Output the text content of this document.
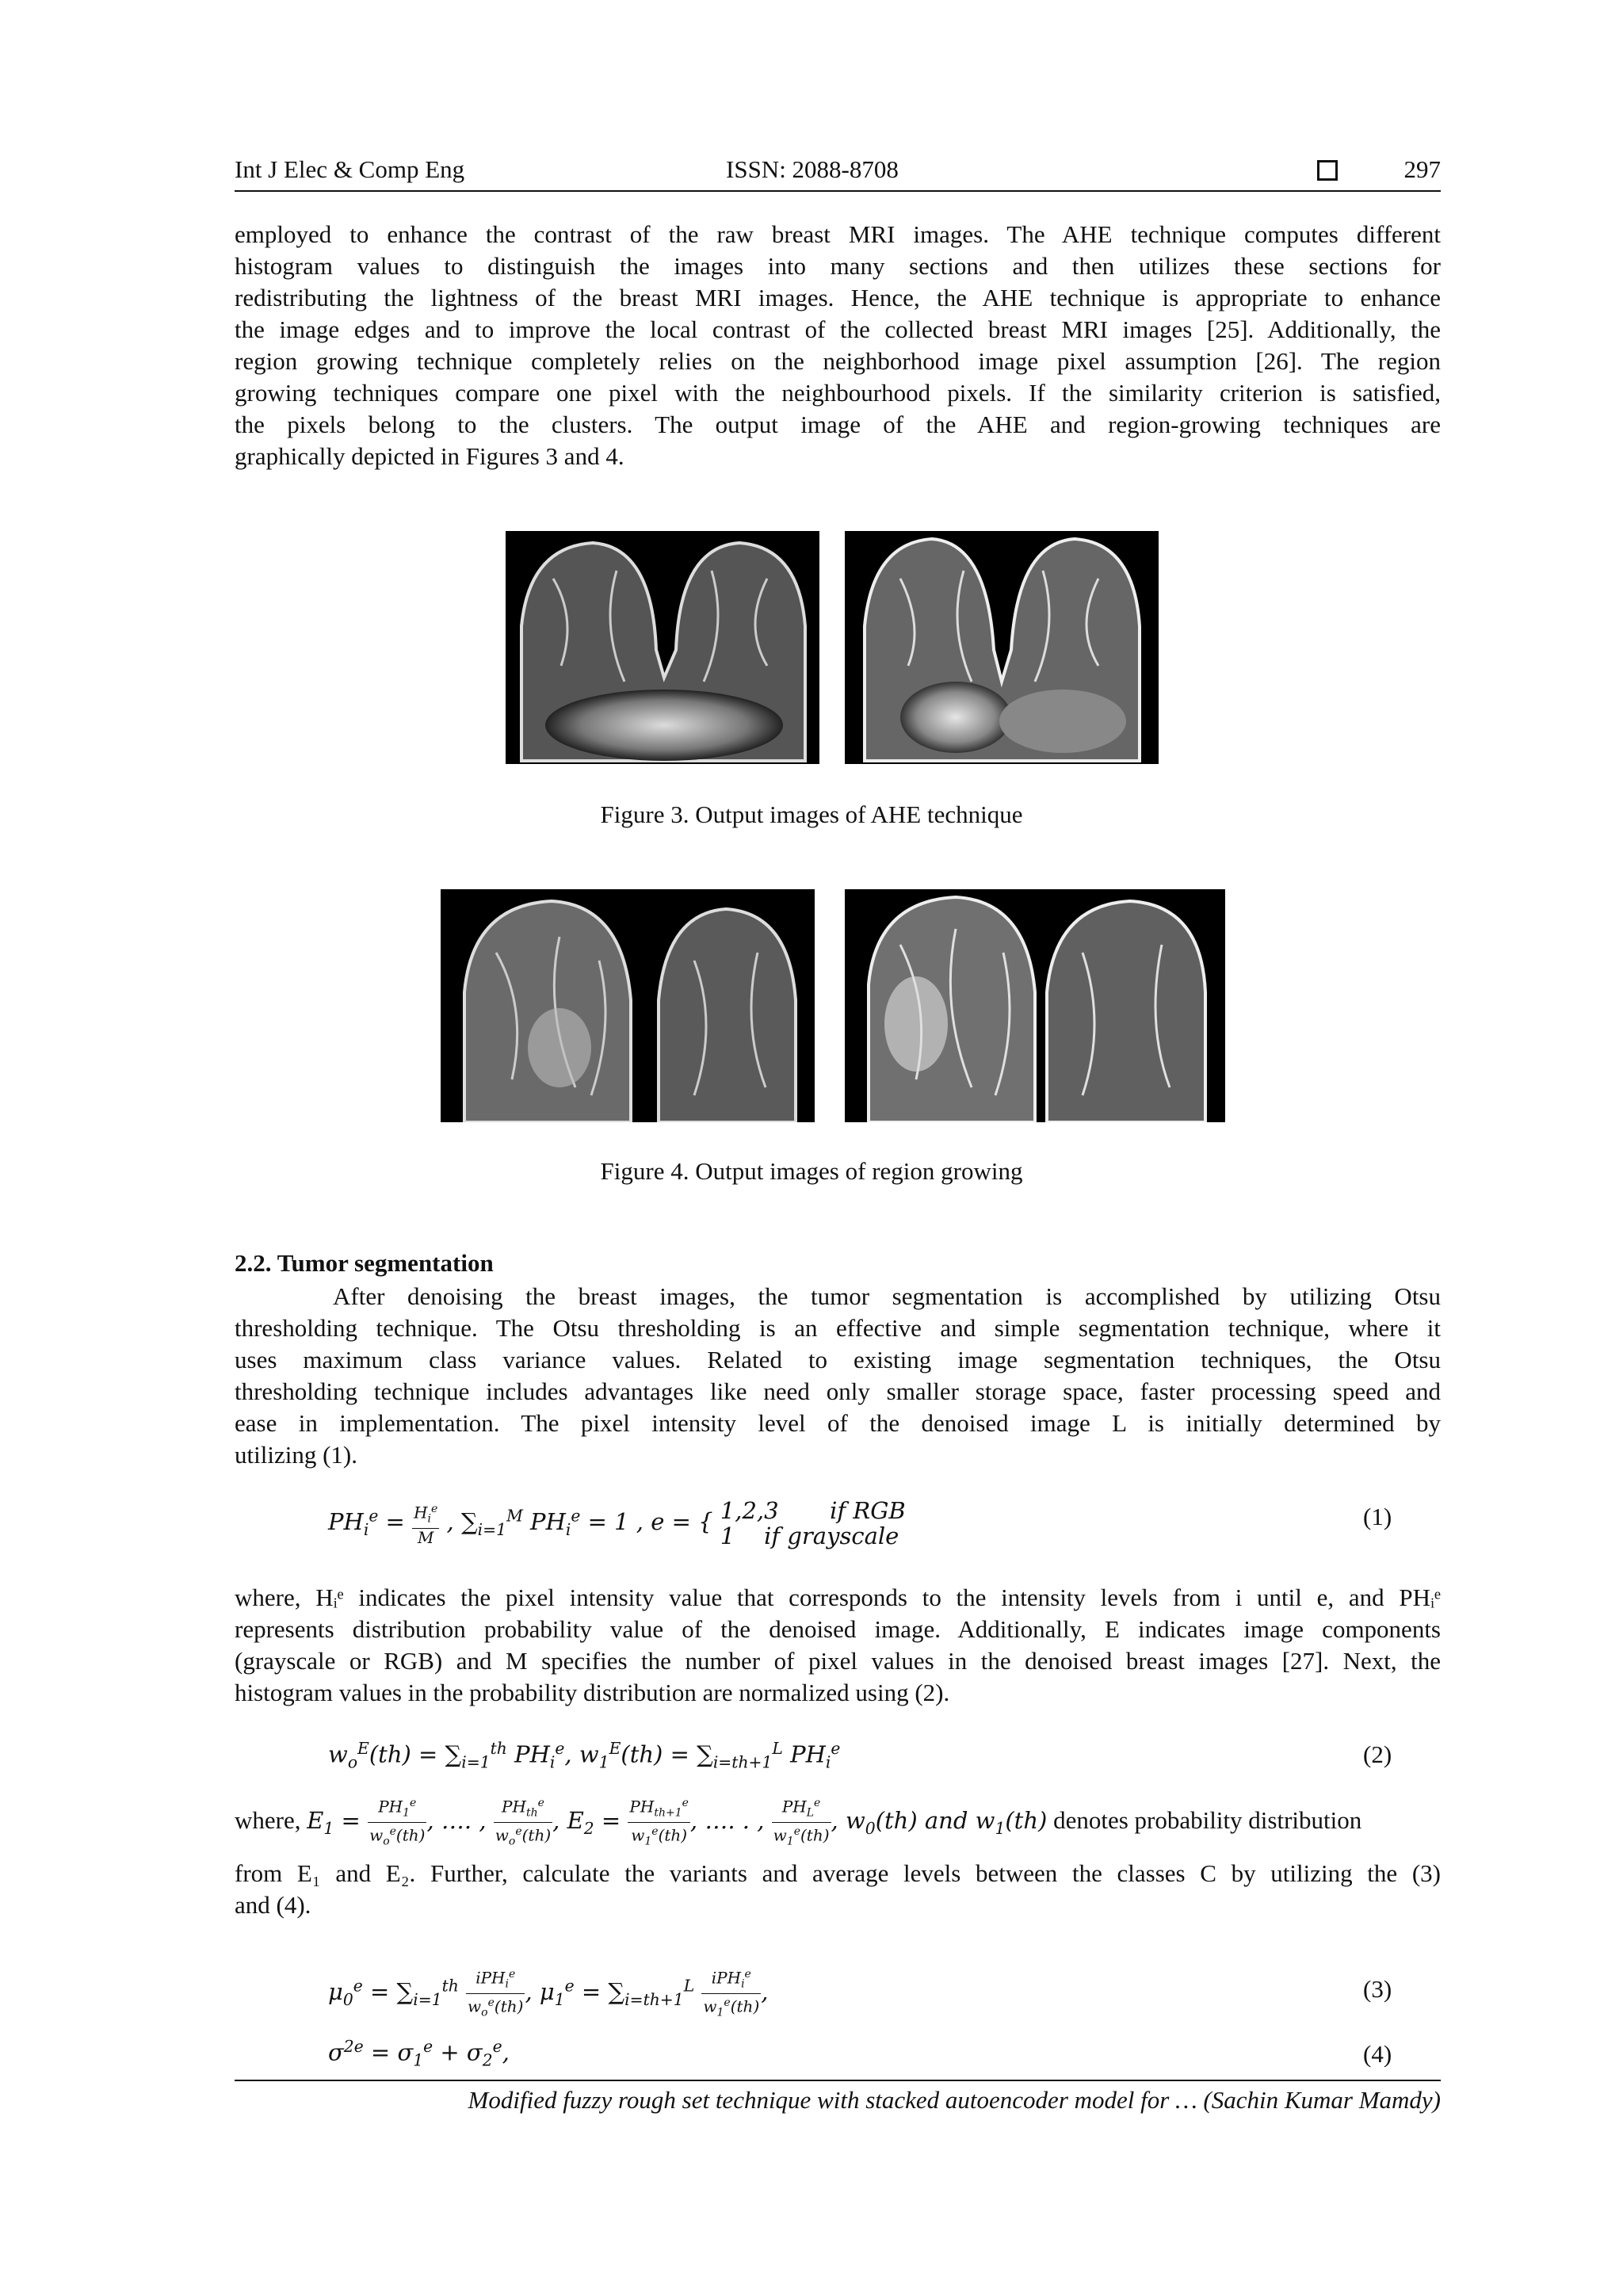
Int J Elec & Comp Eng	ISSN: 2088-8708	297
employed to enhance the contrast of the raw breast MRI images. The AHE technique computes different
histogram values to distinguish the images into many sections and then utilizes these sections for
redistributing the lightness of the breast MRI images. Hence, the AHE technique is appropriate to enhance
the image edges and to improve the local contrast of the collected breast MRI images [25]. Additionally, the
region growing technique completely relies on the neighborhood image pixel assumption [26]. The region
growing techniques compare one pixel with the neighbourhood pixels. If the similarity criterion is satisfied,
the pixels belong to the clusters. The output image of the AHE and region-growing techniques are
graphically depicted in Figures 3 and 4.
Figure 3. Output images of AHE technique
Figure 4. Output images of region growing
2.2. Tumor segmentation
After denoising the breast images, the tumor segmentation is accomplished by utilizing Otsu
thresholding technique. The Otsu thresholding is an effective and simple segmentation technique, where it
uses maximum class variance values. Related to existing image segmentation techniques, the Otsu
thresholding technique includes advantages like need only smaller storage space, faster processing speed and
ease in implementation. The pixel intensity level of the denoised image L is initially determined by
utilizing (1).
$PH_i^e = \frac{H_i^e}{M}$ , $\sum_{i=1}^M$ $PH_i^e = 1$ , e = { 1,2,3       if RGB
1    if grayscale
(1)
where, Hᵢᵉ indicates the pixel intensity value that corresponds to the intensity levels from i until e, and PHᵢᵉ
represents distribution probability value of the denoised image. Additionally, E indicates image components
(grayscale or RGB) and M specifies the number of pixel values in the denoised breast images [27]. Next, the
histogram values in the probability distribution are normalized using (2).
$w_o^E(th) = \sum_{i=1}^{th}$ $PH_i^e$, $w_1^E(th) = \sum_{i=th+1}^L$ $PH_i^e$	(2)
where, $E_1 = \frac{PH_1^e}{w_o^e(th)}$ , …. , $\frac{PH_{th}^e}{w_o^e(th)}$ , $E_2 = \frac{PH_{th+1}^e}{w_1^e(th)}$ , …. . , $\frac{PH_L^e}{w_1^e(th)}$ , $w_0(th)$ and $w_1(th)$ denotes probability distribution
from E₁ and E₂. Further, calculate the variants and average levels between the classes C by utilizing the (3)
and (4).
$\mu_0^e = \sum_{i=1}^{th} \frac{iPH_i^e}{w_o^e(th)}$ , $\mu_1^e = \sum_{i=th+1}^L \frac{iPH_i^e}{w_1^e(th)}$ ,	(3)
$\sigma^{2e} = \sigma_1^e + \sigma_2^e$,	(4)
Modified fuzzy rough set technique with stacked autoencoder model for … (Sachin Kumar Mamdy)
